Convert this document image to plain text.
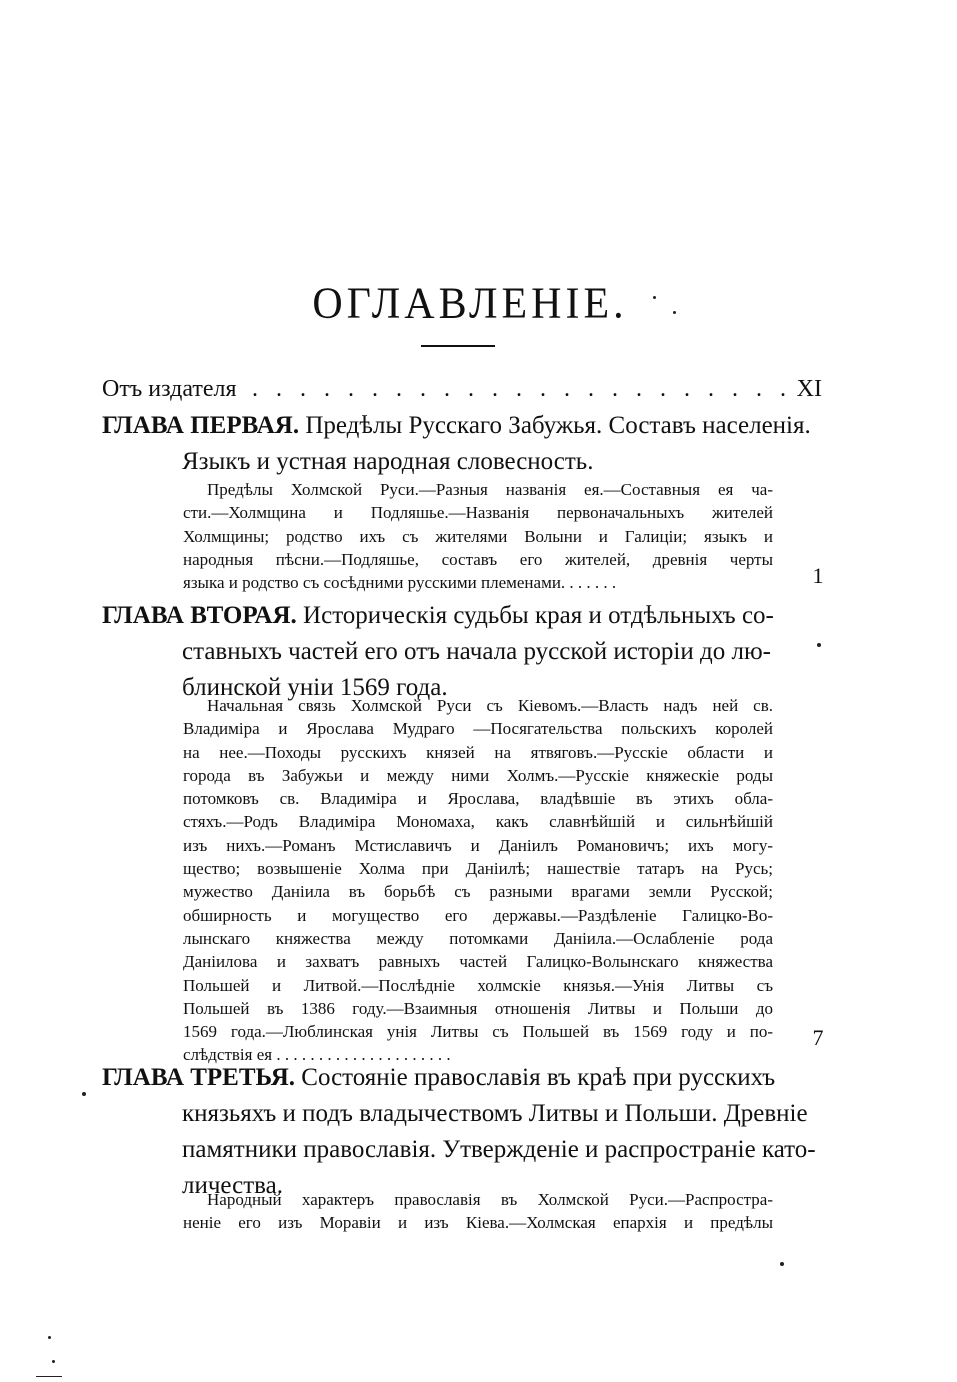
ОГЛАВЛЕНІЕ.
Отъ издателя . . . . . . . . . . . . . . . . . . . . . . . XI
ГЛАВА ПЕРВАЯ. Предѣлы Русскаго Забужья. Составъ населенія.
Языкъ и устная народная словесность.
Предѣлы Холмской Руси.—Разныя названія ея.—Составныя ея ча-
сти.—Холмщина и Подляшье.—Названія первоначальныхъ жителей
Холмщины; родство ихъ съ жителями Волыни и Галиціи; языкъ и
народныя пѣсни.—Подляшье, составъ его жителей, древнія черты
языка и родство съ сосѣдними русскими племенами. . . . . . .	1
ГЛАВА ВТОРАЯ. Историческія судьбы края и отдѣльныхъ со-
ставныхъ частей его отъ начала русской исторіи до лю-
блинской уніи 1569 года.
Начальная связь Холмской Руси съ Кіевомъ.—Власть надъ ней св.
Владиміра и Ярослава Мудраго —Посягательства польскихъ королей
на нее.—Походы русскихъ князей на ятвяговъ.—Русскіе области и
города въ Забужьи и между ними Холмъ.—Русскіе княжескіе роды
потомковъ св. Владиміра и Ярослава, владѣвшіе въ этихъ обла-
стяхъ.—Родъ Владиміра Мономаха, какъ славнѣйшій и сильнѣйшій
изъ нихъ.—Романъ Мстиславичъ и Даніилъ Романовичъ; ихъ могу-
щество; возвышеніе Холма при Даніилѣ; нашествіе татаръ на Русь;
мужество Даніила въ борьбѣ съ разными врагами земли Русской;
обширность и могущество его державы.—Раздѣленіе Галицко-Во-
лынскаго княжества между потомками Даніила.—Ослабленіе рода
Даніилова и захватъ равныхъ частей Галицко-Волынскаго княжества
Польшей и Литвой.—Послѣдніе холмскіе князья.—Унія Литвы съ
Польшей въ 1386 году.—Взаимныя отношенія Литвы и Польши до
1569 года.—Люблинская унія Литвы съ Польшей въ 1569 году и по-
слѣдствія ея . . . . . . . . . . . . . . . . . . . . .
7
ГЛАВА ТРЕТЬЯ. Состояніе православія въ краѣ при русскихъ
князьяхъ и подъ владычествомъ Литвы и Польши. Древніе
памятники православія. Утвержденіе и распространіе като-
личества.
Народный характеръ православія въ Холмской Руси.—Распростра-
неніе его изъ Моравіи и изъ Кіева.—Холмская епархія и предѣлы
